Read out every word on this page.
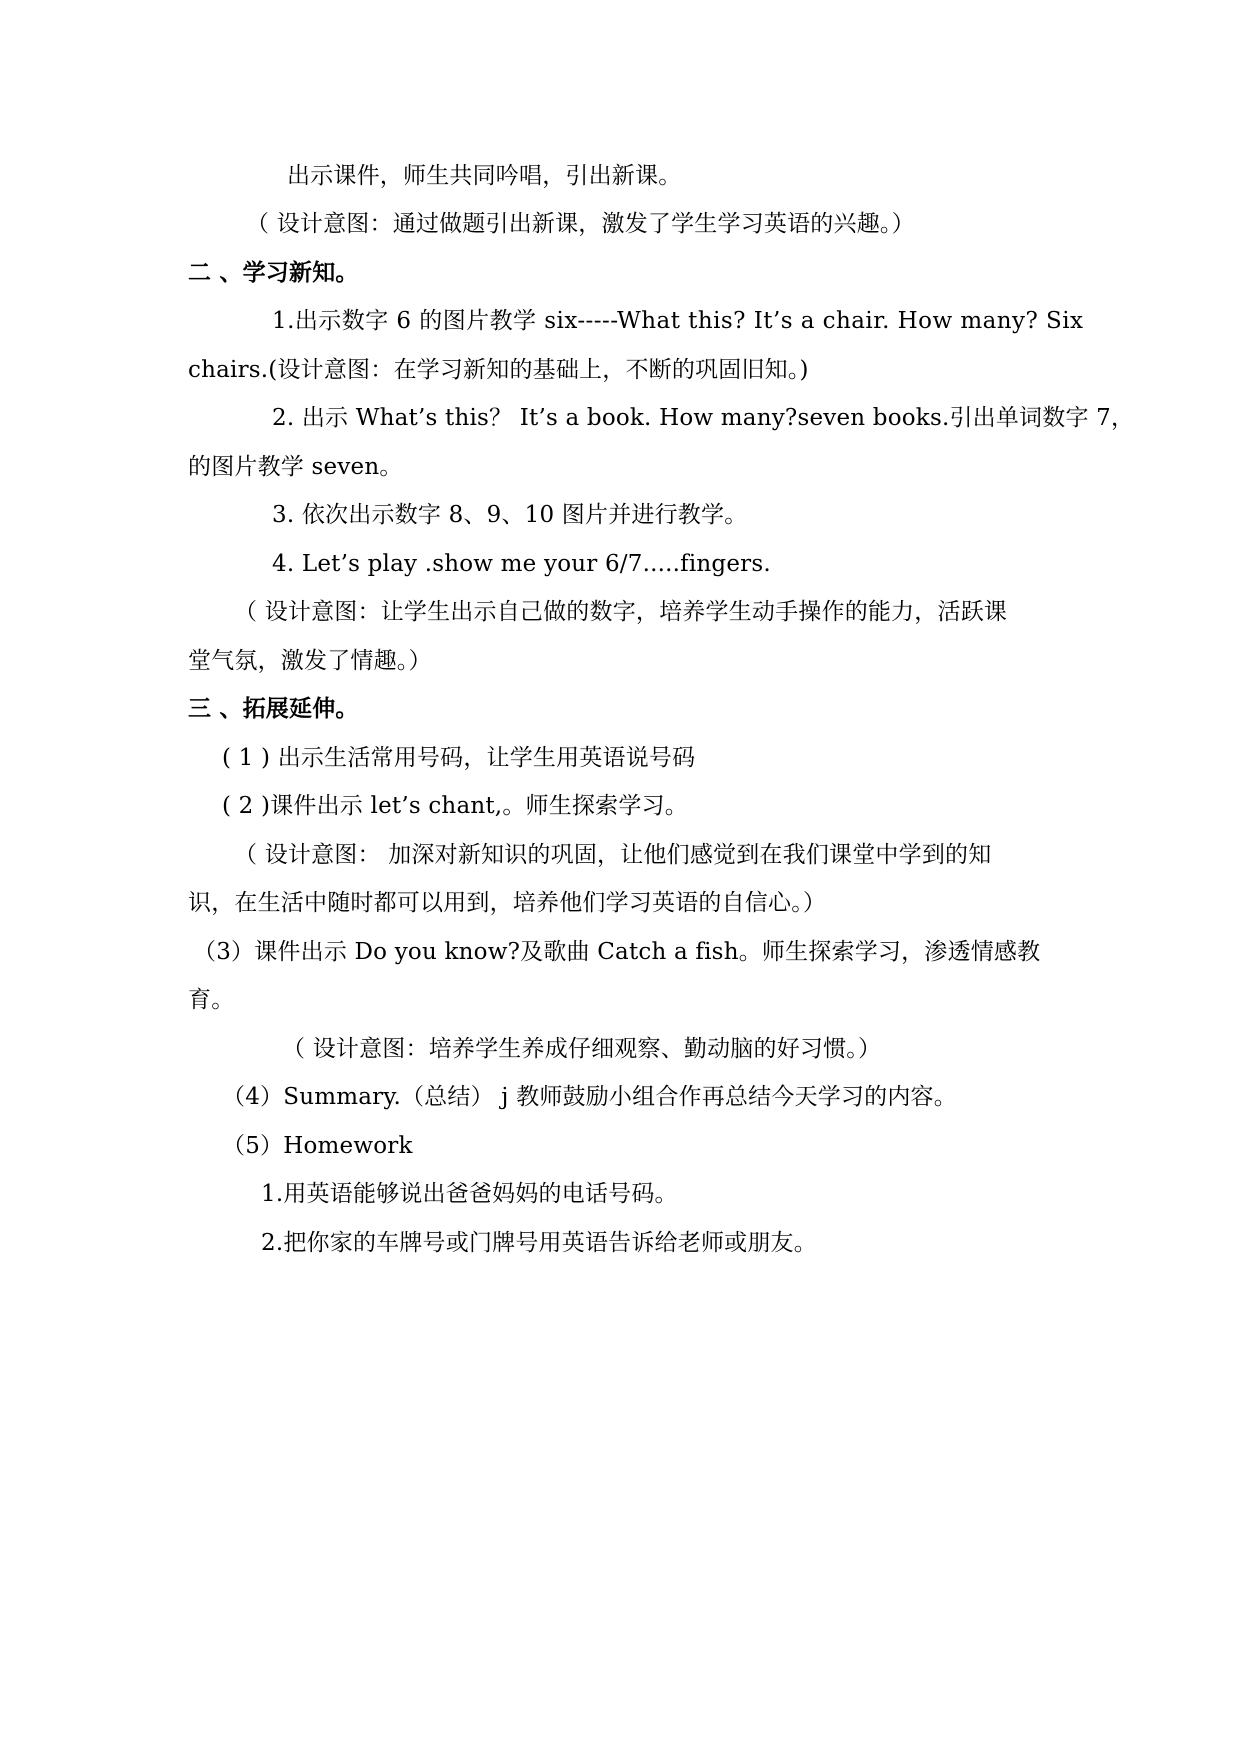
出示课件，师生共同吟唱，引出新课。
（ 设计意图：通过做题引出新课，激发了学生学习英语的兴趣。）
二 、学习新知。
1.出示数字 6 的图片教学 six-----What this? It’s a chair. How many? Six
chairs.(设计意图：在学习新知的基础上，不断的巩固旧知。)
2. 出示 What’s this？ It’s a book. How many?seven books.引出单词数字 7，
的图片教学 seven。
3. 依次出示数字 8、9、10 图片并进行教学。
4. Let’s play .show me your 6/7.....fingers.
（ 设计意图：让学生出示自己做的数字，培养学生动手操作的能力，活跃课
堂气氛，激发了情趣。）
三 、拓展延伸。
( 1 ) 出示生活常用号码，让学生用英语说号码
( 2 )课件出示 let’s chant,。师生探索学习。
（ 设计意图： 加深对新知识的巩固，让他们感觉到在我们课堂中学到的知
识，在生活中随时都可以用到，培养他们学习英语的自信心。）
（3）课件出示 Do you know?及歌曲 Catch a fish。师生探索学习，渗透情感教
育。
（ 设计意图：培养学生养成仔细观察、勤动脑的好习惯。）
（4）Summary.（总结） j 教师鼓励小组合作再总结今天学习的内容。
（5）Homework
1.用英语能够说出爸爸妈妈的电话号码。
2.把你家的车牌号或门牌号用英语告诉给老师或朋友。
